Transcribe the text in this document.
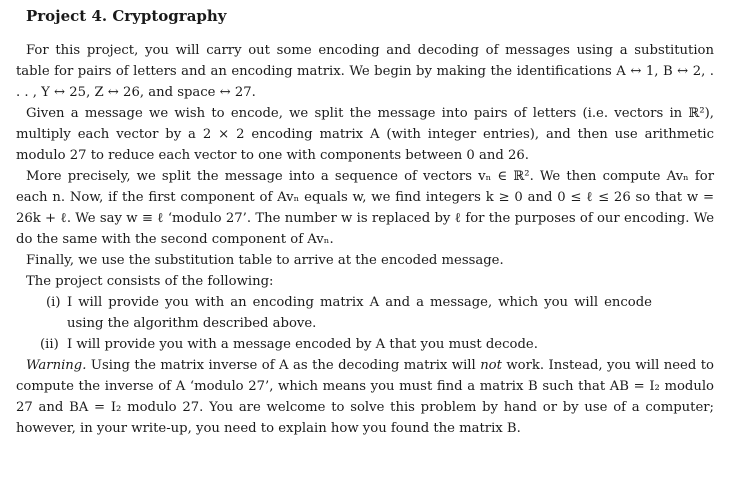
Project 4. Cryptography

For this project, you will carry out some encoding and decoding of messages using a substitution table for pairs of letters and an encoding matrix. We begin by making the identifications A ↔ 1, B ↔ 2, . . . , Y ↔ 25, Z ↔ 26, and space ↔ 27.

Given a message we wish to encode, we split the message into pairs of letters (i.e. vectors in ℝ²), multiply each vector by a 2 × 2 encoding matrix A (with integer entries), and then use arithmetic modulo 27 to reduce each vector to one with components between 0 and 26.

More precisely, we split the message into a sequence of vectors vₙ ∈ ℝ². We then compute Avₙ for each n. Now, if the first component of Avₙ equals w, we find integers k ≥ 0 and 0 ≤ ℓ ≤ 26 so that w = 26k + ℓ. We say w ≡ ℓ ‘modulo 27’. The number w is replaced by ℓ for the purposes of our encoding. We do the same with the second component of Avₙ.

Finally, we use the substitution table to arrive at the encoded message.

The project consists of the following:

(i) I will provide you with an encoding matrix A and a message, which you will encode using the algorithm described above.
(ii) I will provide you with a message encoded by A that you must decode.

Warning. Using the matrix inverse of A as the decoding matrix will not work. Instead, you will need to compute the inverse of A ‘modulo 27’, which means you must find a matrix B such that AB = I₂ modulo 27 and BA = I₂ modulo 27. You are welcome to solve this problem by hand or by use of a computer; however, in your write-up, you need to explain how you found the matrix B.
